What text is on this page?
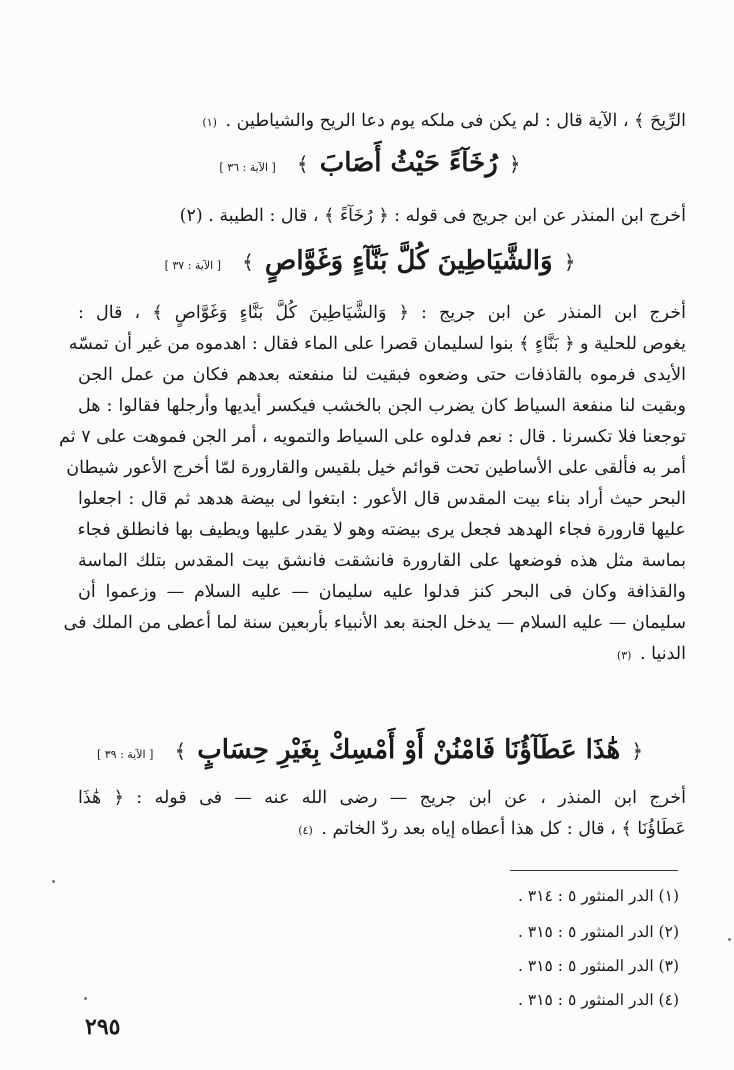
الرِّيحَ ﴾ ، الآية قال : لم يكن فى ملكه يوم دعا الريح والشياطين . (١)
﴿ رُخَآءً حَيْثُ أَصَابَ ﴾ [ الآية : ٣٦ ]
أخرج ابن المنذر عن ابن جريج فى قوله : ﴿ رُخَآءً ﴾ ، قال : الطيبة . (٢)
﴿ وَالشَّيَاطِينَ كُلَّ بَنَّآءٍ وَغَوَّاصٍ ﴾ [ الآية : ٣٧ ]
أخرج ابن المنذر عن ابن جريج : ﴿ وَالشَّيَاطِينَ كُلَّ بَنَّاءٍ وَغَوَّاصٍ ﴾ ، قال :
يغوص للحلية و ﴿ بَنَّاءٍ ﴾ بنوا لسليمان قصرا على الماء فقال : اهدموه من غير أن تمسّه
الأيدى فرموه بالقاذفات حتى وضعوه فبقيت لنا منفعته بعدهم فكان من عمل الجن
وبقيت لنا منفعة السياط كان يضرب الجن بالخشب فيكسر أيديها وأرجلها فقالوا : هل
توجعنا فلا تكسرنا . قال : نعم فدلوه على السياط والتمويه ، أمر الجن فموهت على ٧ ثم
أمر به فألقى على الأساطين تحت قوائم خيل بلقيس والقارورة لمّا أخرج الأعور شيطان
البحر حيث أراد بناء بيت المقدس قال الأعور : ابتغوا لى بيضة هدهد ثم قال : اجعلوا
عليها قارورة فجاء الهدهد فجعل يرى بيضته وهو لا يقدر عليها ويطيف بها فانطلق فجاء
بماسة مثل هذه فوضعها على القارورة فانشقت فانشق بيت المقدس بتلك الماسة
والقذافة وكان فى البحر كنز فدلوا عليه سليمان — عليه السلام — وزعموا أن
سليمان — عليه السلام — يدخل الجنة بعد الأنبياء بأربعين سنة لما أعطى من الملك فى
الدنيا . (٣)
﴿ هَٰذَا عَطَآؤُنَا فَامْنُنْ أَوْ أَمْسِكْ بِغَيْرِ حِسَابٍ ﴾ [ الآية : ٣٩ ]
أخرج ابن المنذر ، عن ابن جريج — رضى الله عنه — فى قوله : ﴿ هَٰذَا
عَطَاؤُنَا ﴾ ، قال : كل هذا أعطاه إياه بعد ردّ الخاتم . (٤)
(١) الدر المنثور ٥ : ٣١٤ .
(٢) الدر المنثور ٥ : ٣١٥ .
(٣) الدر المنثور ٥ : ٣١٥ .
(٤) الدر المنثور ٥ : ٣١٥ .
٢٩٥
